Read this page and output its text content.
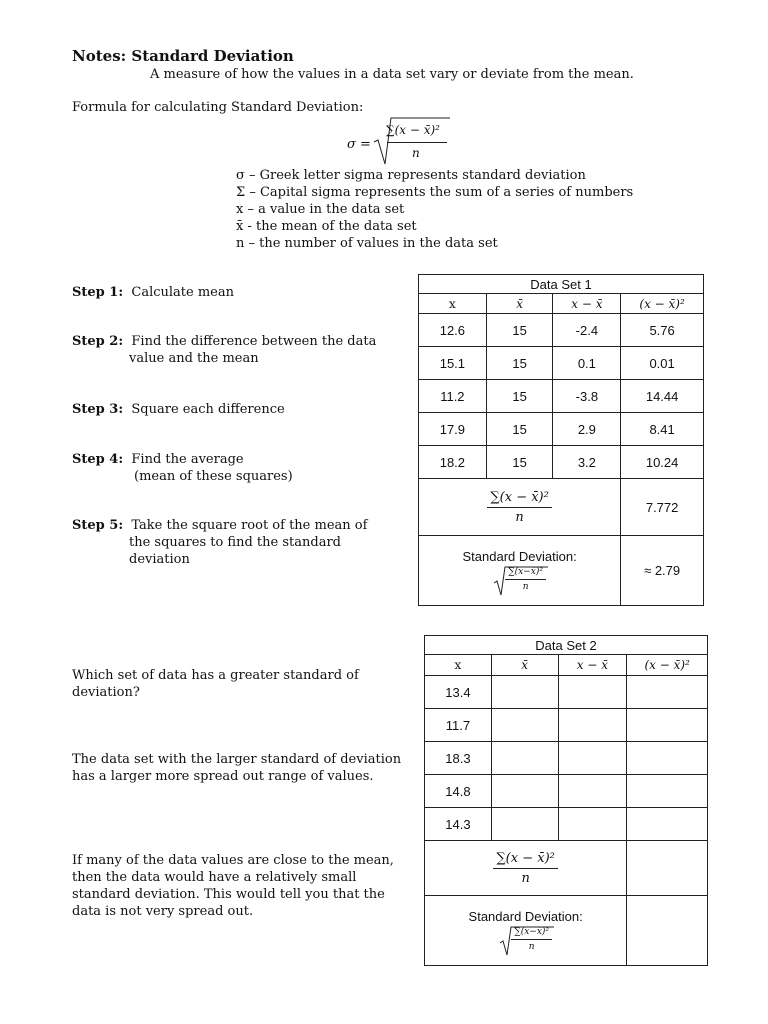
Notes: Standard Deviation
A measure of how the values in a data set vary or deviate from the mean.
Formula for calculating Standard Deviation:
σ =
∑(x − x̄)²
n
σ – Greek letter sigma represents standard deviation
Σ – Capital sigma represents the sum of a series of numbers
x – a value in the data set
x̄ - the mean of the data set
n – the number of values in the data set
Step 1: Calculate mean
Step 2: Find the difference between the data
value and the mean
Step 3: Square each difference
Step 4: Find the average
(mean of these squares)
Step 5: Take the square root of the mean of
the squares to find the standard
deviation
Data Set 1			
x	x̄	x − x̄	(x − x̄)²
12.6	15	-2.4	5.76
15.1	15	0.1	0.01
11.2	15	-3.8	14.44
17.9	15	2.9	8.41
18.2	15	3.2	10.24

$\frac{\text{∑(x − x̄)²}}{n}$			7.772

Standard Deviation:
$\frac{\text{∑(x−x̄)²}}{n}$			≈ 2.79
Data Set 2			
x	x̄	x − x̄	(x − x̄)²
13.4			
11.7			
18.3			
14.8			
14.3			

$\frac{\text{∑(x − x̄)²}}{n}$

Standard Deviation:
$\frac{\text{∑(x−x̄)²}}{n}$

Which set of data has a greater standard of deviation?
The data set with the larger standard of deviation has a larger more spread out range of values.
If many of the data values are close to the mean, then the data would have a relatively small standard deviation. This would tell you that the data is not very spread out.
